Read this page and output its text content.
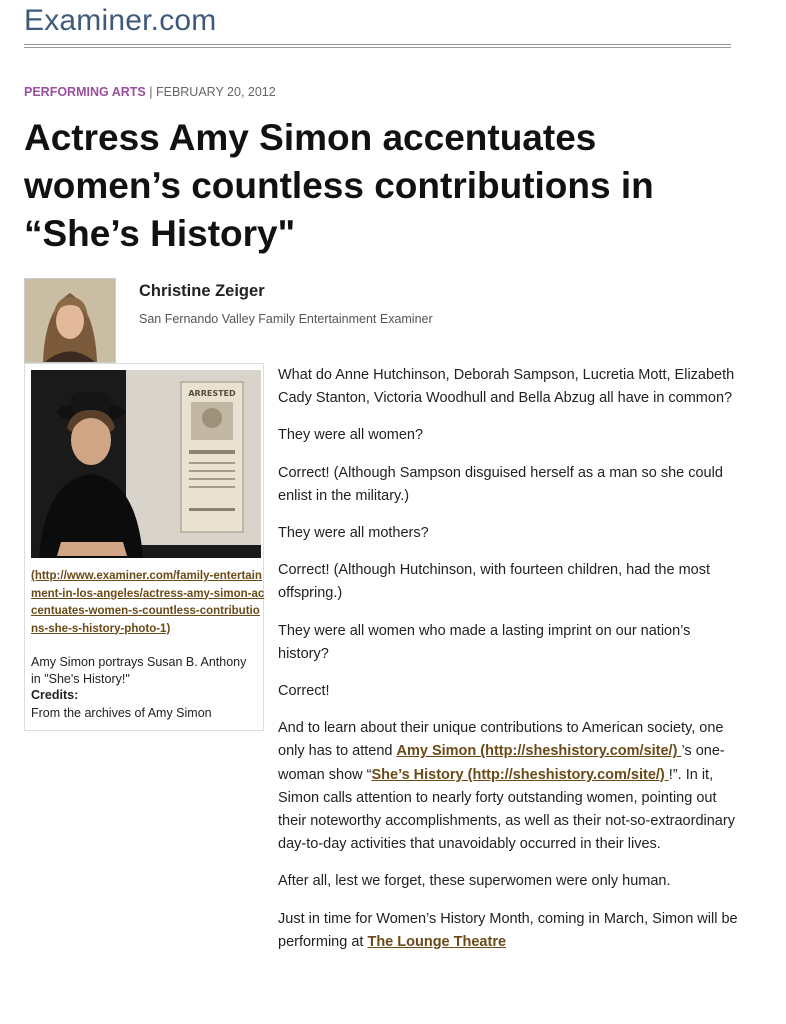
Examiner.com
PERFORMING ARTS | FEBRUARY 20, 2012
Actress Amy Simon accentuates
women’s countless contributions in
“She’s History"
Christine Zeiger
San Fernando Valley Family Entertainment Examiner
ARRESTED

(http://www.examiner.com/family-entertainment-in-los-angeles/actress-amy-simon-accentuates-women-s-countless-contributions-she-s-history-photo-1)

Amy Simon portrays Susan B. Anthony in "She's History!"
Credits:
From the archives of Amy Simon

What do Anne Hutchinson, Deborah Sampson, Lucretia Mott, Elizabeth Cady Stanton, Victoria Woodhull and Bella Abzug all have in common?

They were all women?

Correct! (Although Sampson disguised herself as a man so she could enlist in the military.)

They were all mothers?

Correct! (Although Hutchinson, with fourteen children, had the most offspring.)

They were all women who made a lasting imprint on our nation’s history?

Correct!

And to learn about their unique contributions to American society, one only has to attend Amy Simon (http://sheshistory.com/site/) ’s one-woman show “She’s History (http://sheshistory.com/site/) !”. In it, Simon calls attention to nearly forty outstanding women, pointing out their noteworthy accomplishments, as well as their not-so-extraordinary day-to-day activities that unavoidably occurred in their lives.

After all, lest we forget, these superwomen were only human.

Just in time for Women’s History Month, coming in March, Simon will be performing at The Lounge Theatre
